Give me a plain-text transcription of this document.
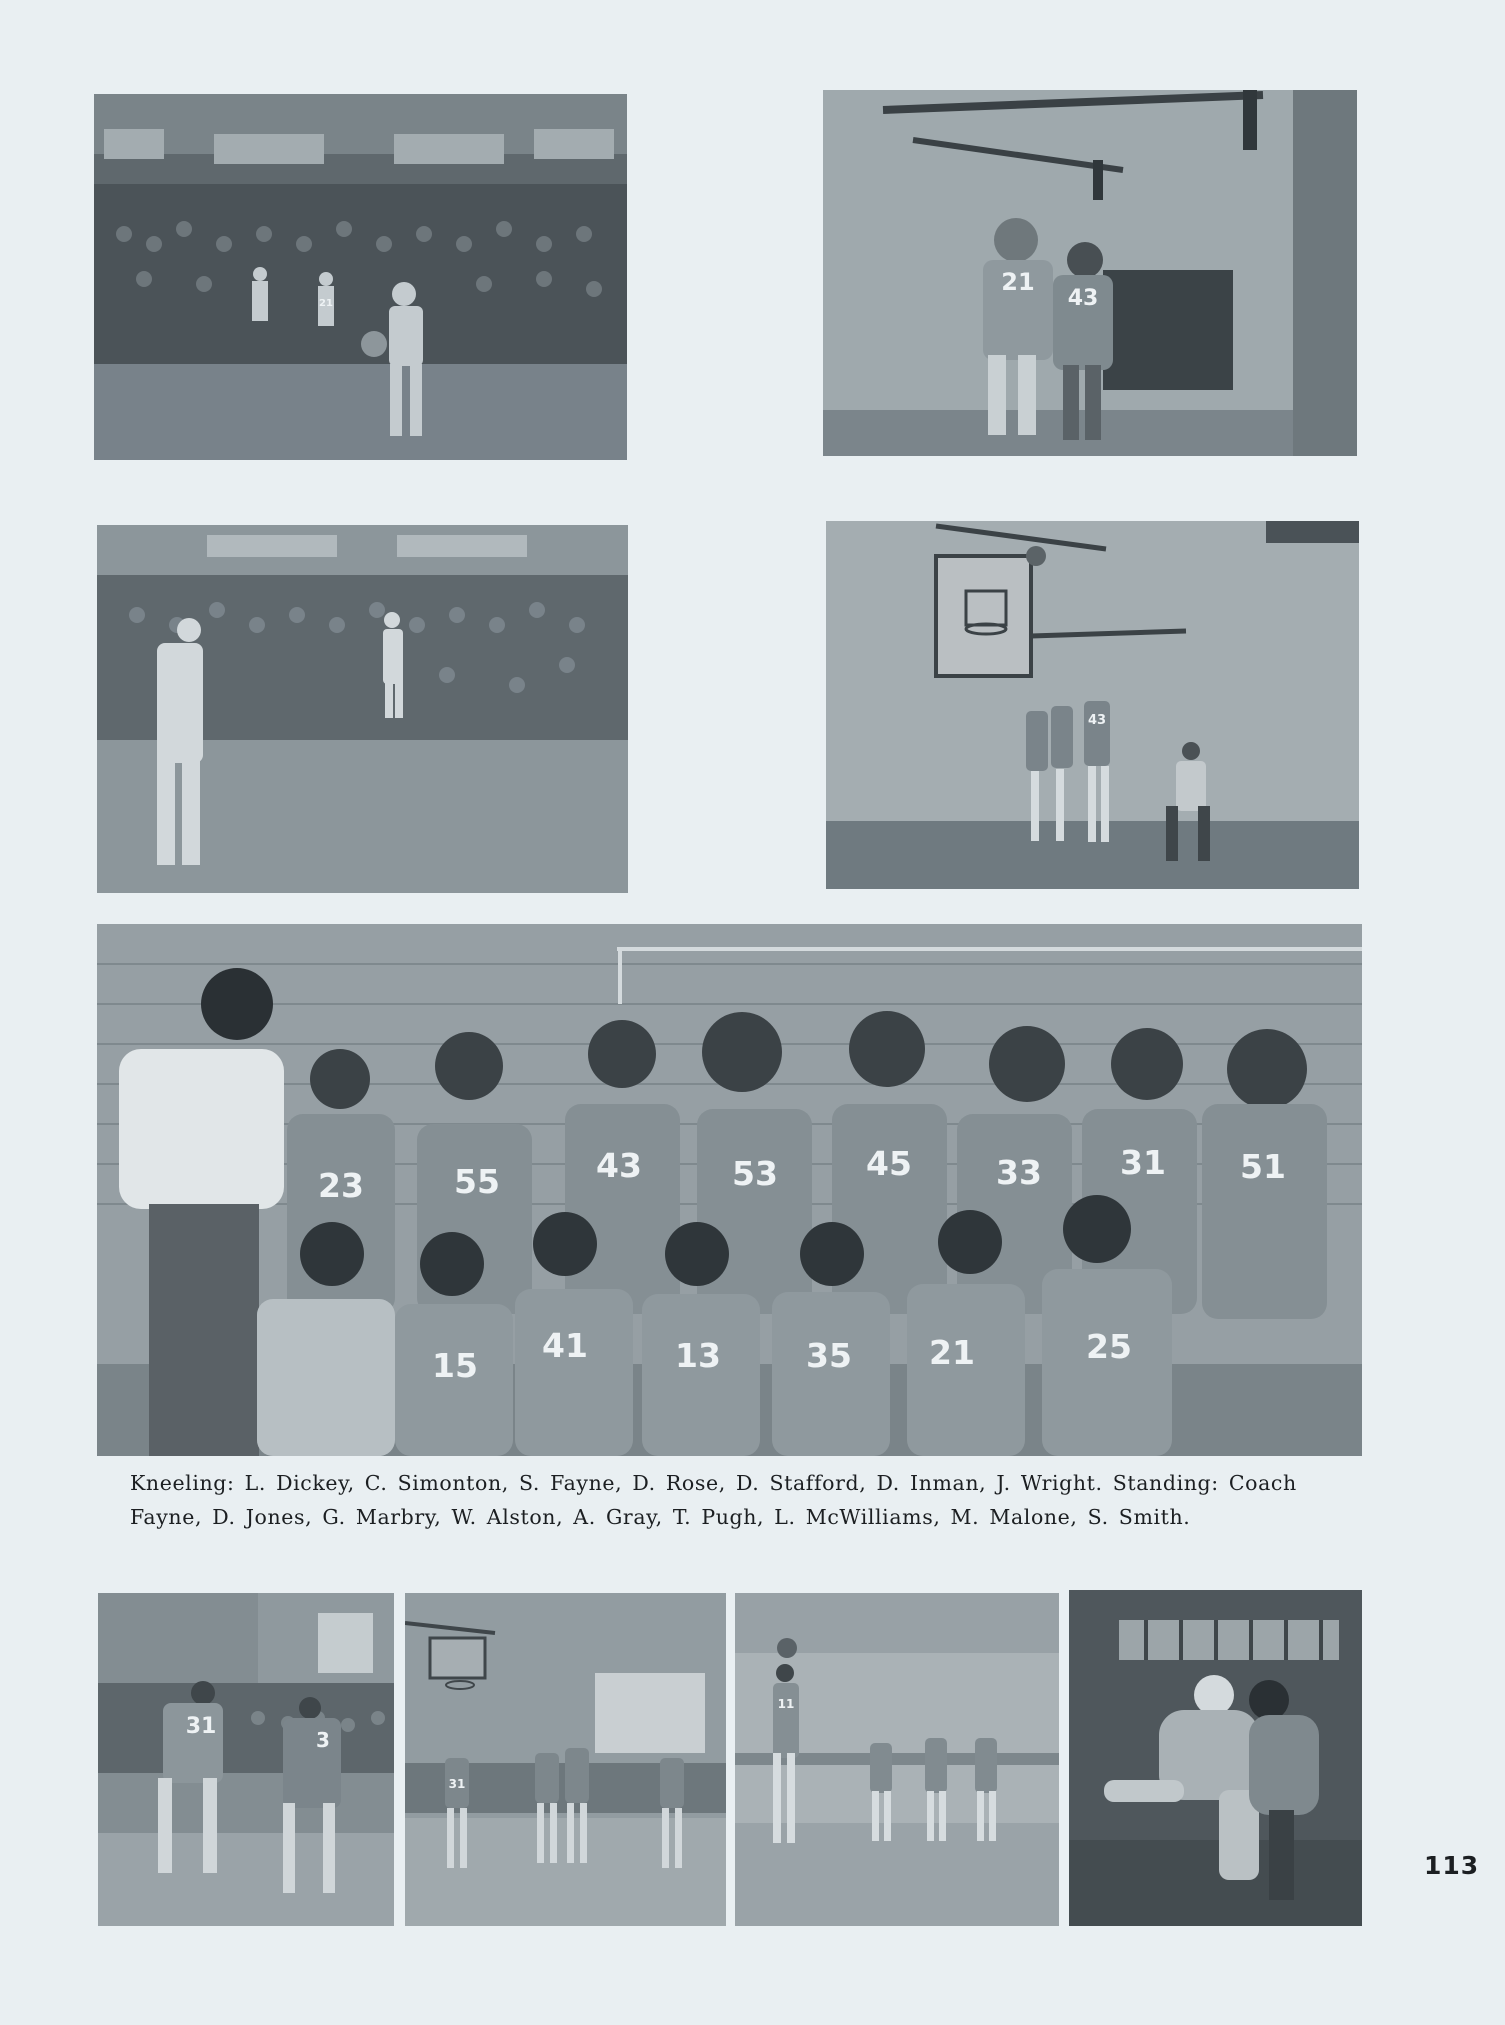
21
21
43
43
23	55	43	53	45	33 31 51
15
41	13	35 21	25
Kneeling: L. Dickey, C. Simonton, S. Fayne, D. Rose, D. Stafford, D. Inman, J. Wright. Standing: Coach Fayne, D. Jones, G. Marbry, W. Alston, A. Gray, T. Pugh, L. McWilliams, M. Malone, S. Smith.
31
3
31
11
113
